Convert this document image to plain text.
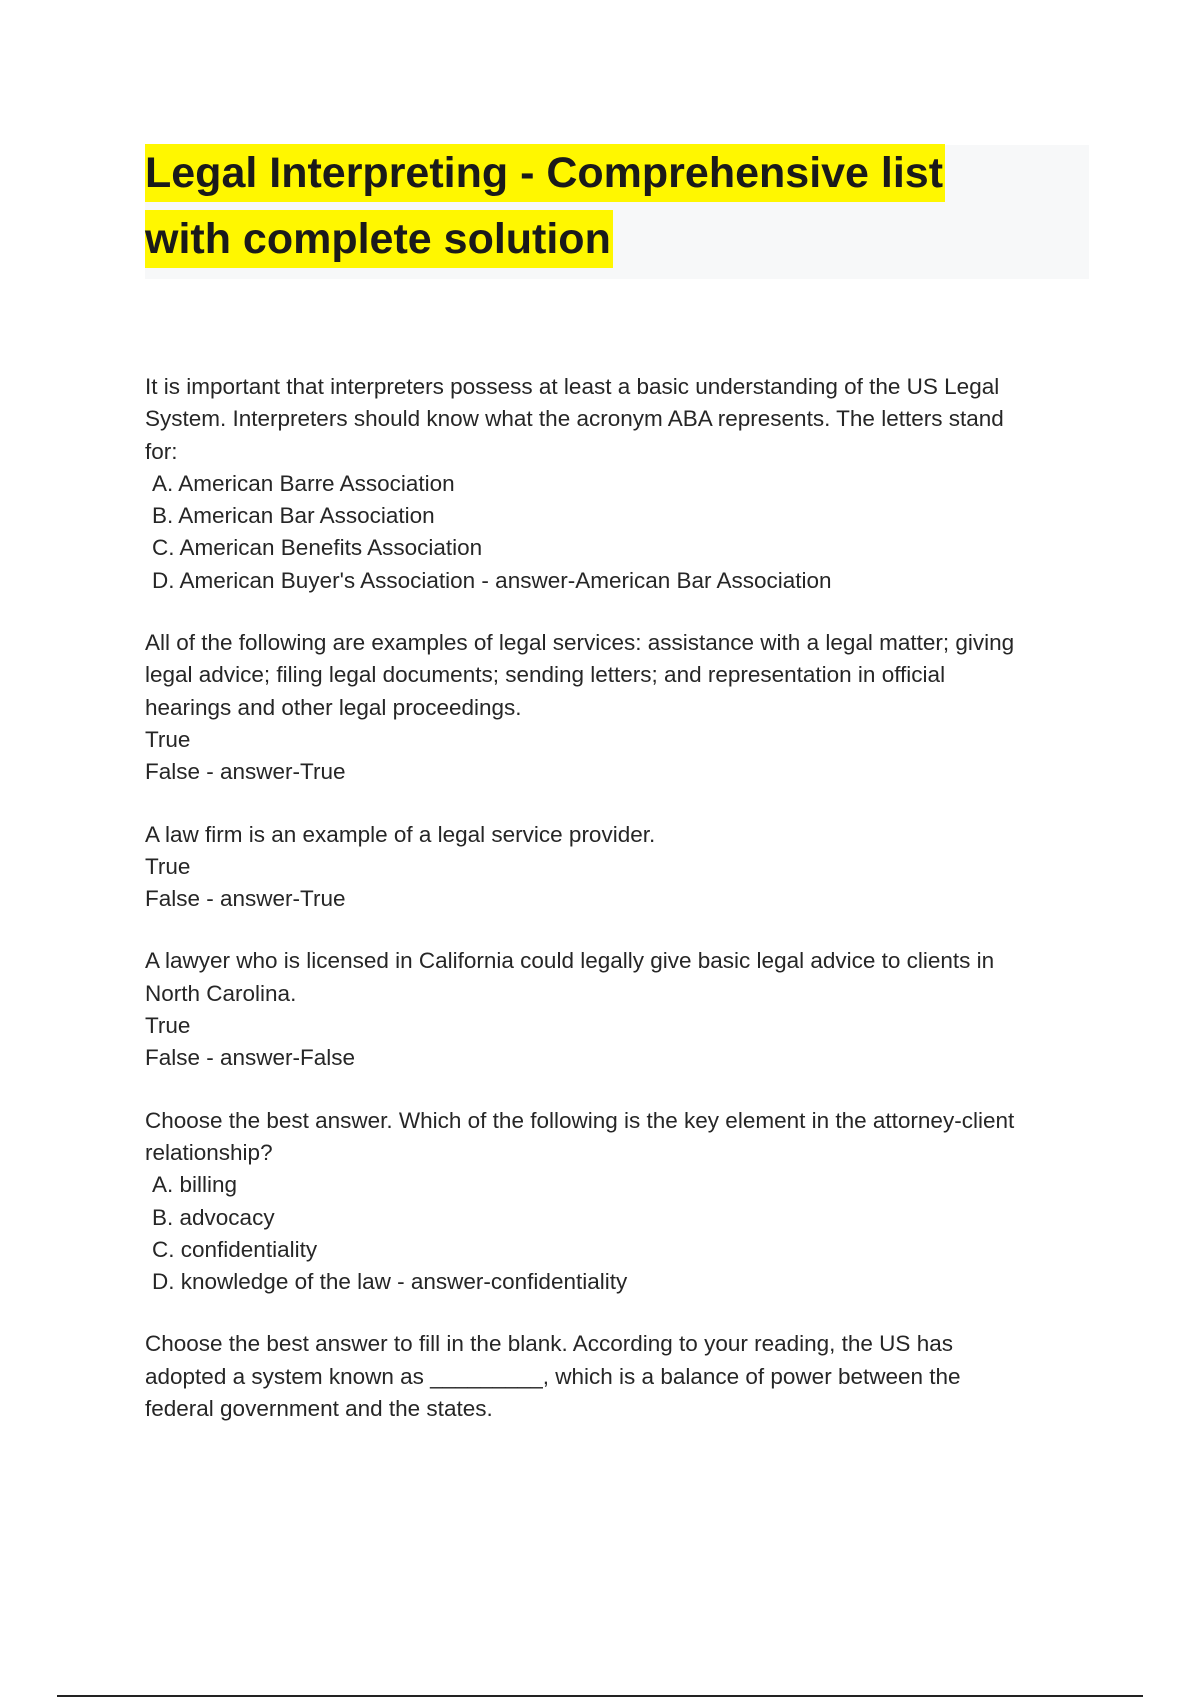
Legal Interpreting - Comprehensive list
with complete solution
It is important that interpreters possess at least a basic understanding of the US Legal
System. Interpreters should know what the acronym ABA represents. The letters stand
for:
A. American Barre Association
B. American Bar Association
C. American Benefits Association
D. American Buyer's Association - answer-American Bar Association
All of the following are examples of legal services: assistance with a legal matter; giving
legal advice; filing legal documents; sending letters; and representation in official
hearings and other legal proceedings.
True
False - answer-True
A law firm is an example of a legal service provider.
True
False - answer-True
A lawyer who is licensed in California could legally give basic legal advice to clients in
North Carolina.
True
False - answer-False
Choose the best answer. Which of the following is the key element in the attorney-client
relationship?
A. billing
B. advocacy
C. confidentiality
D. knowledge of the law - answer-confidentiality
Choose the best answer to fill in the blank. According to your reading, the US has
adopted a system known as _________, which is a balance of power between the
federal government and the states.
